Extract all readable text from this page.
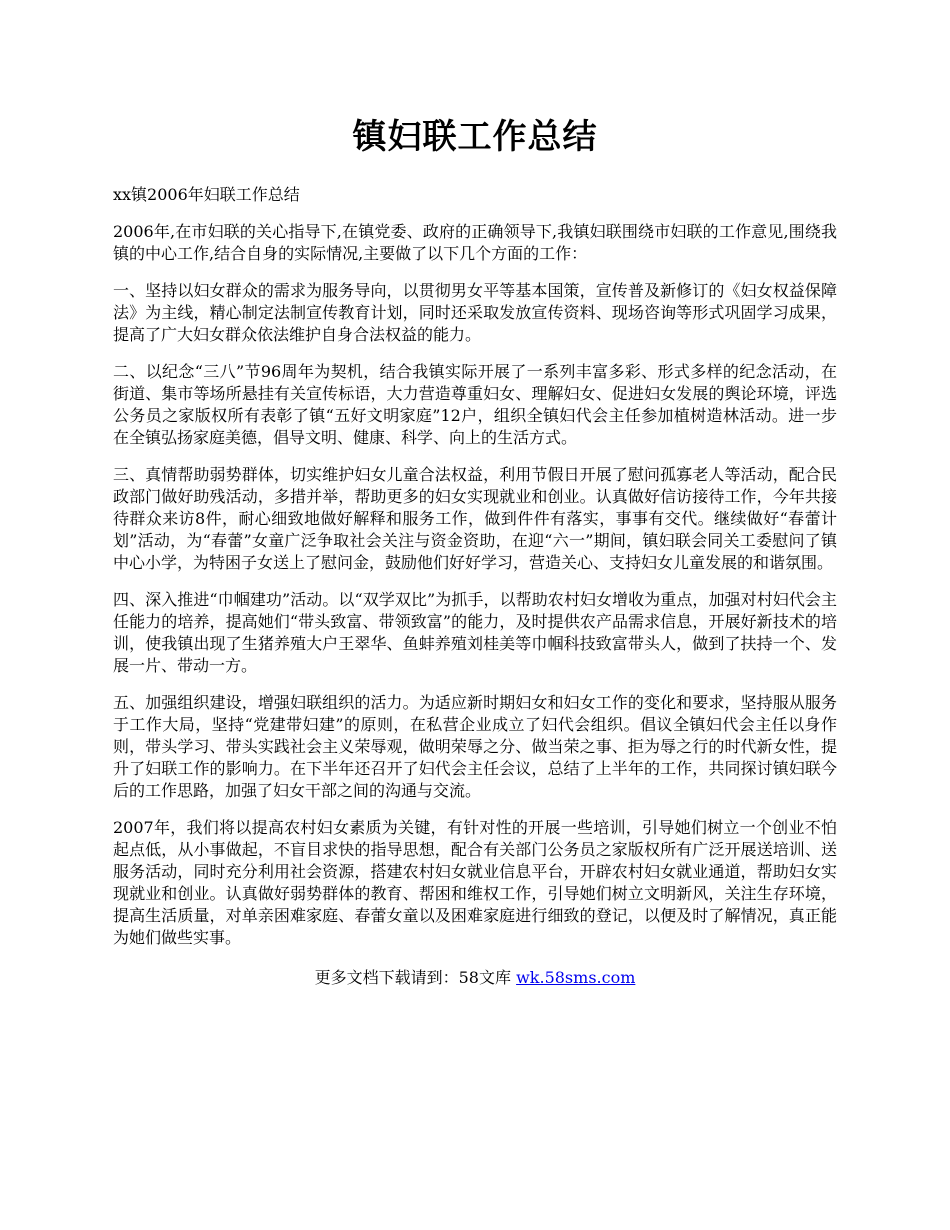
镇妇联工作总结

xx镇2006年妇联工作总结

2006年,在市妇联的关心指导下,在镇党委、政府的正确领导下,我镇妇联围绕市妇联的工作意见,围绕我镇的中心工作,结合自身的实际情况,主要做了以下几个方面的工作：

一、坚持以妇女群众的需求为服务导向，以贯彻男女平等基本国策，宣传普及新修订的《妇女权益保障法》为主线，精心制定法制宣传教育计划，同时还采取发放宣传资料、现场咨询等形式巩固学习成果，提高了广大妇女群众依法维护自身合法权益的能力。

二、以纪念“三八”节96周年为契机，结合我镇实际开展了一系列丰富多彩、形式多样的纪念活动，在街道、集市等场所悬挂有关宣传标语，大力营造尊重妇女、理解妇女、促进妇女发展的舆论环境，评选公务员之家版权所有表彰了镇“五好文明家庭”12户，组织全镇妇代会主任参加植树造林活动。进一步在全镇弘扬家庭美德，倡导文明、健康、科学、向上的生活方式。

三、真情帮助弱势群体，切实维护妇女儿童合法权益，利用节假日开展了慰问孤寡老人等活动，配合民政部门做好助残活动，多措并举，帮助更多的妇女实现就业和创业。认真做好信访接待工作，今年共接待群众来访8件，耐心细致地做好解释和服务工作，做到件件有落实，事事有交代。继续做好“春蕾计划”活动，为“春蕾”女童广泛争取社会关注与资金资助，在迎“六一”期间，镇妇联会同关工委慰问了镇中心小学，为特困子女送上了慰问金，鼓励他们好好学习，营造关心、支持妇女儿童发展的和谐氛围。

四、深入推进“巾帼建功”活动。以“双学双比”为抓手，以帮助农村妇女增收为重点，加强对村妇代会主任能力的培养，提高她们“带头致富、带领致富”的能力，及时提供农产品需求信息，开展好新技术的培训，使我镇出现了生猪养殖大户王翠华、鱼蚌养殖刘桂美等巾帼科技致富带头人，做到了扶持一个、发展一片、带动一方。

五、加强组织建设，增强妇联组织的活力。为适应新时期妇女和妇女工作的变化和要求，坚持服从服务于工作大局，坚持“党建带妇建”的原则，在私营企业成立了妇代会组织。倡议全镇妇代会主任以身作则，带头学习、带头实践社会主义荣辱观，做明荣辱之分、做当荣之事、拒为辱之行的时代新女性，提升了妇联工作的影响力。在下半年还召开了妇代会主任会议，总结了上半年的工作，共同探讨镇妇联今后的工作思路，加强了妇女干部之间的沟通与交流。

2007年，我们将以提高农村妇女素质为关键，有针对性的开展一些培训，引导她们树立一个创业不怕起点低，从小事做起，不盲目求快的指导思想，配合有关部门公务员之家版权所有广泛开展送培训、送服务活动，同时充分利用社会资源，搭建农村妇女就业信息平台，开辟农村妇女就业通道，帮助妇女实现就业和创业。认真做好弱势群体的教育、帮困和维权工作，引导她们树立文明新风，关注生存环境，提高生活质量，对单亲困难家庭、春蕾女童以及困难家庭进行细致的登记，以便及时了解情况，真正能为她们做些实事。

更多文档下载请到：58文库 wk.58sms.com
